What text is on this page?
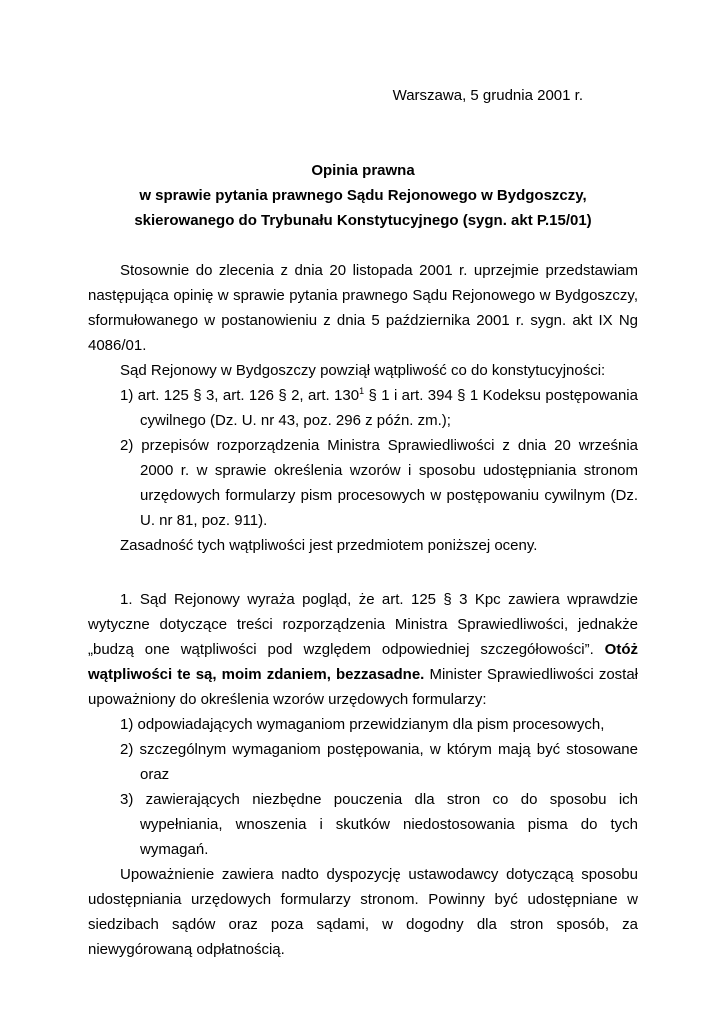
Warszawa, 5 grudnia 2001 r.
Opinia prawna
w sprawie pytania prawnego Sądu Rejonowego w Bydgoszczy,
skierowanego do Trybunału Konstytucyjnego (sygn. akt P.15/01)

Stosownie do zlecenia z dnia 20 listopada 2001 r. uprzejmie przedstawiam następująca opinię w sprawie pytania prawnego Sądu Rejonowego w Bydgoszczy, sformułowanego w postanowieniu z dnia 5 października 2001 r. sygn. akt IX Ng 4086/01.

Sąd Rejonowy w Bydgoszczy powziął wątpliwość co do konstytucyjności:

1) art. 125 § 3, art. 126 § 2, art. $130^1$ § 1 i art. 394 § 1 Kodeksu postępowania cywilnego (Dz. U. nr 43, poz. 296 z późn. zm.);

2) przepisów rozporządzenia Ministra Sprawiedliwości z dnia 20 września 2000 r. w sprawie określenia wzorów i sposobu udostępniania stronom urzędowych formularzy pism procesowych w postępowaniu cywilnym (Dz. U. nr 81, poz. 911).

Zasadność tych wątpliwości jest przedmiotem poniższej oceny.

1. Sąd Rejonowy wyraża pogląd, że art. 125 § 3 Kpc zawiera wprawdzie wytyczne dotyczące treści rozporządzenia Ministra Sprawiedliwości, jednakże „budzą one wątpliwości pod względem odpowiedniej szczegółowości”. Otóż wątpliwości te są, moim zdaniem, bezzasadne. Minister Sprawiedliwości został upoważniony do określenia wzorów urzędowych formularzy:

1) odpowiadających wymaganiom przewidzianym dla pism procesowych,

2) szczególnym wymaganiom postępowania, w którym mają być stosowane oraz

3) zawierających niezbędne pouczenia dla stron co do sposobu ich wypełniania, wnoszenia i skutków niedostosowania pisma do tych wymagań.

Upoważnienie zawiera nadto dyspozycję ustawodawcy dotyczącą sposobu udostępniania urzędowych formularzy stronom. Powinny być udostępniane w siedzibach sądów oraz poza sądami, w dogodny dla stron sposób, za niewygórowaną odpłatnością.
